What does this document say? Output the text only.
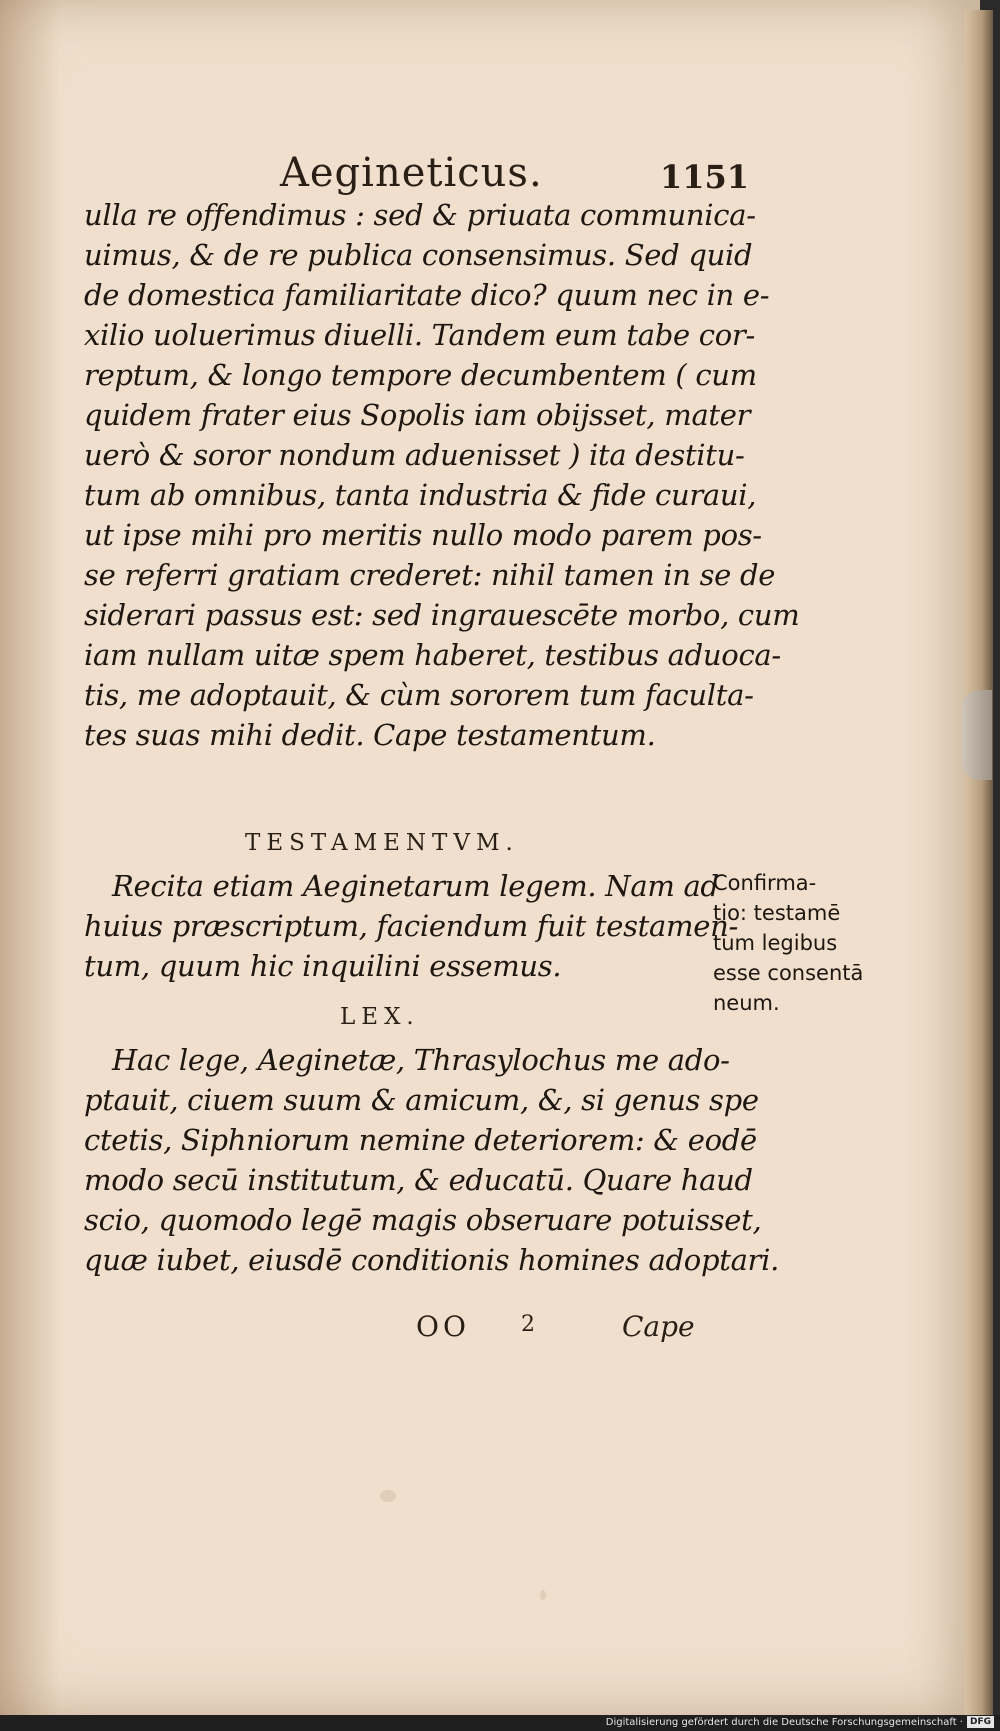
Aegineticus.	1151
ulla re offendimus : sed & priuata communica-
uimus, & de re publica consensimus. Sed quid
de domestica familiaritate dico? quum nec in e-
xilio uoluerimus diuelli. Tandem eum tabe cor-
reptum, & longo tempore decumbentem ( cum
quidem frater eius Sopolis iam obijsset, mater
uerò & soror nondum aduenisset ) ita destitu-
tum ab omnibus, tanta industria & fide curaui,
ut ipse mihi pro meritis nullo modo parem pos-
se referri gratiam crederet: nihil tamen in se de
siderari passus est: sed ingrauescēte morbo, cum
iam nullam uitæ spem haberet, testibus aduoca-
tis, me adoptauit, & cùm sororem tum faculta-
tes suas mihi dedit. Cape testamentum.
TESTAMENTVM.
Recita etiam Aeginetarum legem. Nam ad
huius præscriptum, faciendum fuit testamen-
tum, quum hic inquilini essemus.
Confirma-
tio: testamē
tum legibus
esse consentā
neum.
LEX.
Hac lege, Aeginetæ, Thrasylochus me ado-
ptauit, ciuem suum & amicum, &, si genus spe
ctetis, Siphniorum nemine deteriorem: & eodē
modo secū institutum, & educatū. Quare haud
scio, quomodo legē magis obseruare potuisset,
quæ iubet, eiusdē conditionis homines adoptari.
OO 2	Cape
Digitalisierung gefördert durch die Deutsche Forschungsgemeinschaft · DFG
